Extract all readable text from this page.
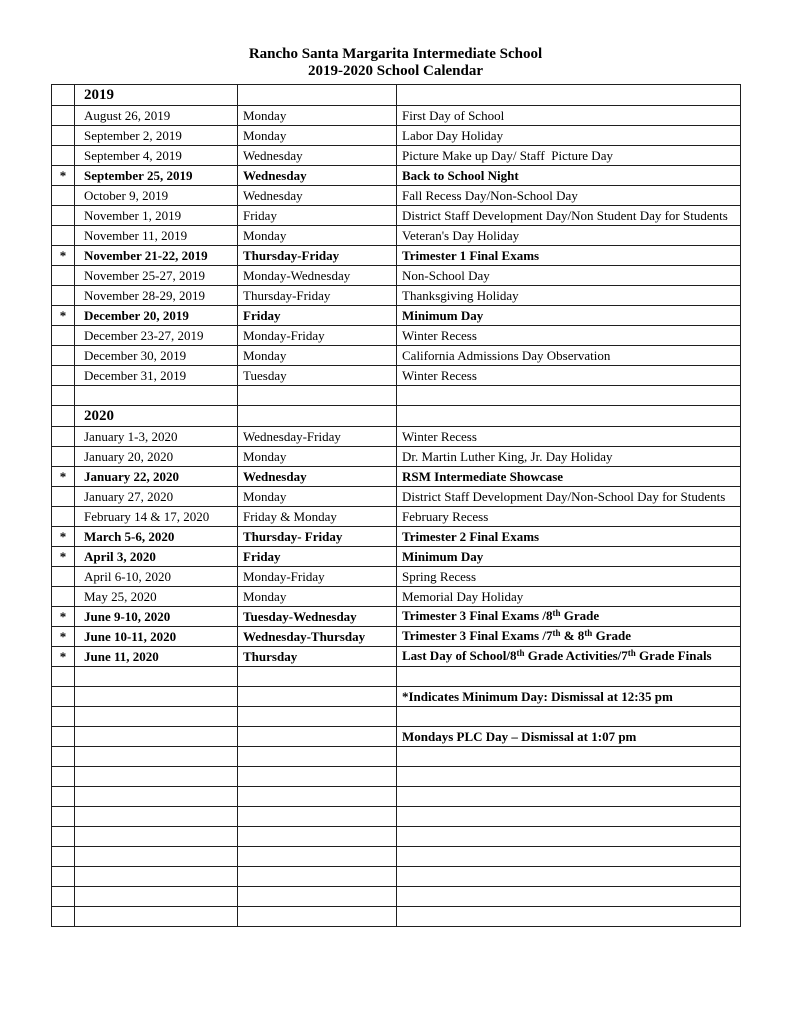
Rancho Santa Margarita Intermediate School
2019-2020 School Calendar
	2019		
	August 26, 2019	Monday	First Day of School
	September 2, 2019	Monday	Labor Day Holiday
	September 4, 2019	Wednesday	Picture Make up Day/ Staff  Picture Day
*	September 25, 2019	Wednesday	Back to School Night
	October 9, 2019	Wednesday	Fall Recess Day/Non-School Day
	November 1, 2019	Friday	District Staff Development Day/Non Student Day for Students
	November 11, 2019	Monday	Veteran's Day Holiday
*	November 21-22, 2019	Thursday-Friday	Trimester 1 Final Exams
	November 25-27, 2019	Monday-Wednesday	Non-School Day
	November 28-29, 2019	Thursday-Friday	Thanksgiving Holiday
*	December 20, 2019	Friday	Minimum Day
	December 23-27, 2019	Monday-Friday	Winter Recess
	December 30, 2019	Monday	California Admissions Day Observation
	December 31, 2019	Tuesday	Winter Recess

	2020		
	January 1-3, 2020	Wednesday-Friday	Winter Recess
	January 20, 2020	Monday	Dr. Martin Luther King, Jr. Day Holiday
*	January 22, 2020	Wednesday	RSM Intermediate Showcase
	January 27, 2020	Monday	District Staff Development Day/Non-School Day for Students
	February 14 & 17, 2020	Friday & Monday	February Recess
*	March 5-6, 2020	Thursday- Friday	Trimester 2 Final Exams
*	April 3, 2020	Friday	Minimum Day
	April 6-10, 2020	Monday-Friday	Spring Recess
	May 25, 2020	Monday	Memorial Day Holiday
*	June 9-10, 2020	Tuesday-Wednesday	Trimester 3 Final Exams /8th Grade
*	June 10-11, 2020	Wednesday-Thursday	Trimester 3 Final Exams /7th & 8th Grade
*	June 11, 2020	Thursday	Last Day of School/8th Grade Activities/7th Grade Finals

			*Indicates Minimum Day: Dismissal at 12:35 pm

			Mondays PLC Day – Dismissal at 1:07 pm
